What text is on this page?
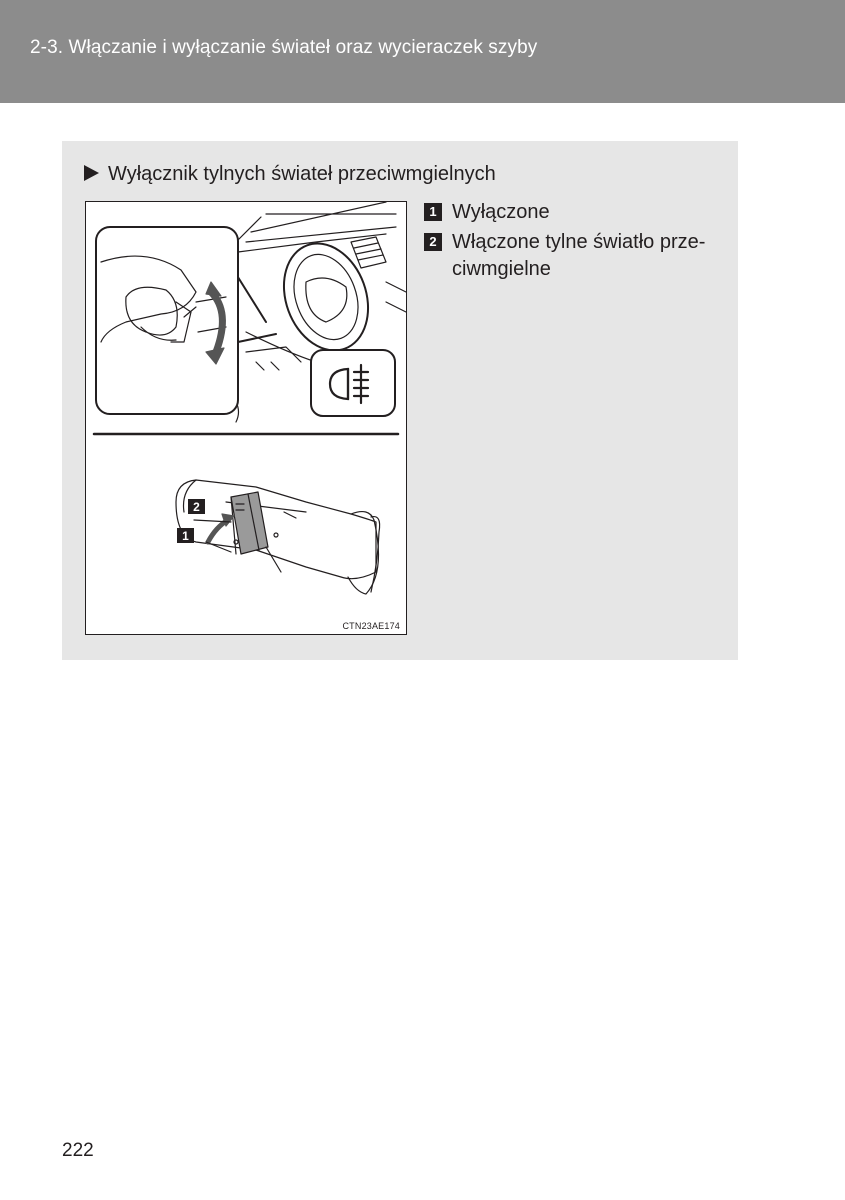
2-3. Włączanie i wyłączanie świateł oraz wycieraczek szyby
Wyłącznik tylnych świateł przeciwmgielnych
2
1
CTN23AE174
1 Wyłączone
2 Włączone tylne światło prze-ciwmgielne
222
